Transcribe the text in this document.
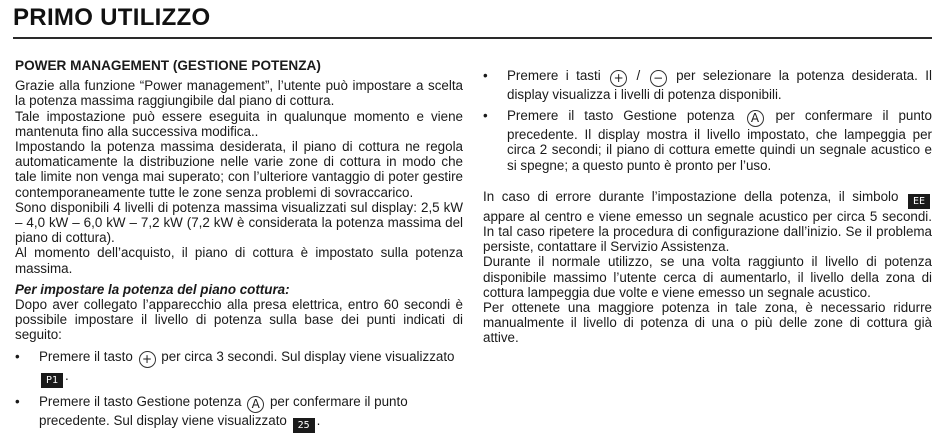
PRIMO UTILIZZO
POWER MANAGEMENT (GESTIONE POTENZA)

Grazie alla funzione “Power management”, l’utente può impostare a scelta la potenza massima raggiungibile dal piano di cottura.

Tale impostazione può essere eseguita in qualunque momento e viene mantenuta fino alla successiva modifica..

Impostando la potenza massima desiderata, il piano di cottura ne regola automaticamente la distribuzione nelle varie zone di cottura in modo che tale limite non venga mai superato; con l’ulteriore vantaggio di poter gestire contemporaneamente tutte le zone senza problemi di sovraccarico.

Sono disponibili 4 livelli di potenza massima visualizzati sul display: 2,5 kW – 4,0 kW – 6,0 kW – 7,2 kW (7,2 kW è considerata la potenza massima del piano di cottura).

Al momento dell’acquisto, il piano di cottura è impostato sulla potenza massima.

Per impostare la potenza del piano cottura:

Dopo aver collegato l’apparecchio alla presa elettrica, entro 60 secondi è possibile impostare il livello di potenza sulla base dei punti indicati di seguito:

• Premere il tasto + per circa 3 secondi. Sul display viene visualizzato P1 .
• Premere il tasto Gestione potenza A per confermare il punto precedente. Sul display viene visualizzato 25 .
• Premere i tasti + / − per selezionare la potenza desiderata. Il display visualizza i livelli di potenza disponibili.
• Premere il tasto Gestione potenza A per confermare il punto precedente. Il display mostra il livello impostato, che lampeggia per circa 2 secondi; il piano di cottura emette quindi un segnale acustico e si spegne; a questo punto è pronto per l’uso.

In caso di errore durante l’impostazione della potenza, il simbolo EE appare al centro e viene emesso un segnale acustico per circa 5 secondi. In tal caso ripetere la procedura di configurazione dall’inizio. Se il problema persiste, contattare il Servizio Assistenza.

Durante il normale utilizzo, se una volta raggiunto il livello di potenza disponibile massimo l’utente cerca di aumentarlo, il livello della zona di cottura lampeggia due volte e viene emesso un segnale acustico.

Per ottenete una maggiore potenza in tale zona, è necessario ridurre manualmente il livello di potenza di una o più delle zone di cottura già attive.
